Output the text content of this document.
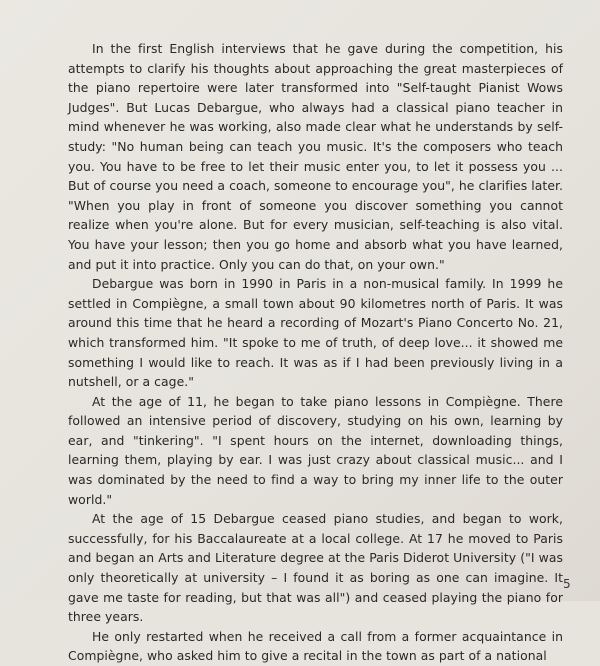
In the first English interviews that he gave during the competition, his attempts to clarify his thoughts about approaching the great masterpieces of the piano repertoire were later transformed into "Self-taught Pianist Wows Judges". But Lucas Debargue, who always had a classical piano teacher in mind whenever he was working, also made clear what he understands by self-study: "No human being can teach you music. It's the composers who teach you. You have to be free to let their music enter you, to let it possess you ... But of course you need a coach, someone to encourage you", he clarifies later. "When you play in front of someone you discover something you cannot realize when you're alone. But for every musician, self-teaching is also vital. You have your lesson; then you go home and absorb what you have learned, and put it into practice. Only you can do that, on your own."

Debargue was born in 1990 in Paris in a non-musical family. In 1999 he settled in Compiègne, a small town about 90 kilometres north of Paris. It was around this time that he heard a recording of Mozart's Piano Concerto No. 21, which transformed him. "It spoke to me of truth, of deep love... it showed me something I would like to reach. It was as if I had been previously living in a nutshell, or a cage."

At the age of 11, he began to take piano lessons in Compiègne. There followed an intensive period of discovery, studying on his own, learning by ear, and "tinkering". "I spent hours on the internet, downloading things, learning them, playing by ear. I was just crazy about classical music... and I was dominated by the need to find a way to bring my inner life to the outer world."

At the age of 15 Debargue ceased piano studies, and began to work, successfully, for his Baccalaureate at a local college. At 17 he moved to Paris and began an Arts and Literature degree at the Paris Diderot University ("I was only theoretically at university – I found it as boring as one can imagine. It gave me taste for reading, but that was all") and ceased playing the piano for three years.

He only restarted when he received a call from a former acquaintance in Compiègne, who asked him to give a recital in the town as part of a national

5
